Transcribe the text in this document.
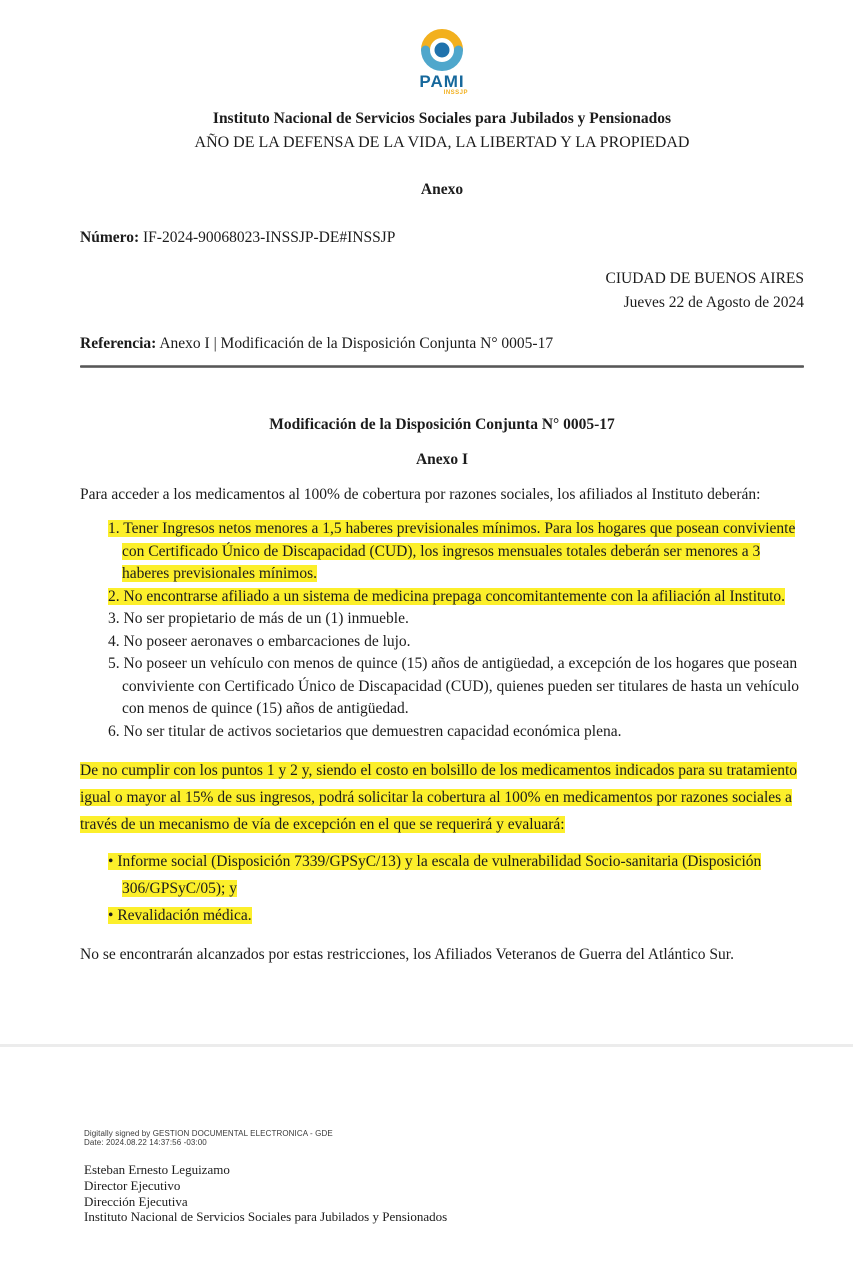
PAMI
INSSJP
Instituto Nacional de Servicios Sociales para Jubilados y Pensionados
AÑO DE LA DEFENSA DE LA VIDA, LA LIBERTAD Y LA PROPIEDAD
Anexo
Número: IF-2024-90068023-INSSJP-DE#INSSJP
CIUDAD DE BUENOS AIRES
Jueves 22 de Agosto de 2024
Referencia: Anexo I | Modificación de la Disposición Conjunta N° 0005-17
Modificación de la Disposición Conjunta N° 0005-17
Anexo I
Para acceder a los medicamentos al 100% de cobertura por razones sociales, los afiliados al Instituto deberán:
1. Tener Ingresos netos menores a 1,5 haberes previsionales mínimos. Para los hogares que posean conviviente con Certificado Único de Discapacidad (CUD), los ingresos mensuales totales deberán ser menores a 3 haberes previsionales mínimos.
2. No encontrarse afiliado a un sistema de medicina prepaga concomitantemente con la afiliación al Instituto.
3. No ser propietario de más de un (1) inmueble.
4. No poseer aeronaves o embarcaciones de lujo.
5. No poseer un vehículo con menos de quince (15) años de antigüedad, a excepción de los hogares que posean conviviente con Certificado Único de Discapacidad (CUD), quienes pueden ser titulares de hasta un vehículo con menos de quince (15) años de antigüedad.
6. No ser titular de activos societarios que demuestren capacidad económica plena.
De no cumplir con los puntos 1 y 2 y, siendo el costo en bolsillo de los medicamentos indicados para su tratamiento igual o mayor al 15% de sus ingresos, podrá solicitar la cobertura al 100% en medicamentos por razones sociales a través de un mecanismo de vía de excepción en el que se requerirá y evaluará:
• Informe social (Disposición 7339/GPSyC/13) y la escala de vulnerabilidad Socio-sanitaria (Disposición 306/GPSyC/05); y
• Revalidación médica.
No se encontrarán alcanzados por estas restricciones, los Afiliados Veteranos de Guerra del Atlántico Sur.
Digitally signed by GESTION DOCUMENTAL ELECTRONICA - GDE
Date: 2024.08.22 14:37:56 -03:00
Esteban Ernesto Leguizamo
Director Ejecutivo
Dirección Ejecutiva
Instituto Nacional de Servicios Sociales para Jubilados y Pensionados
